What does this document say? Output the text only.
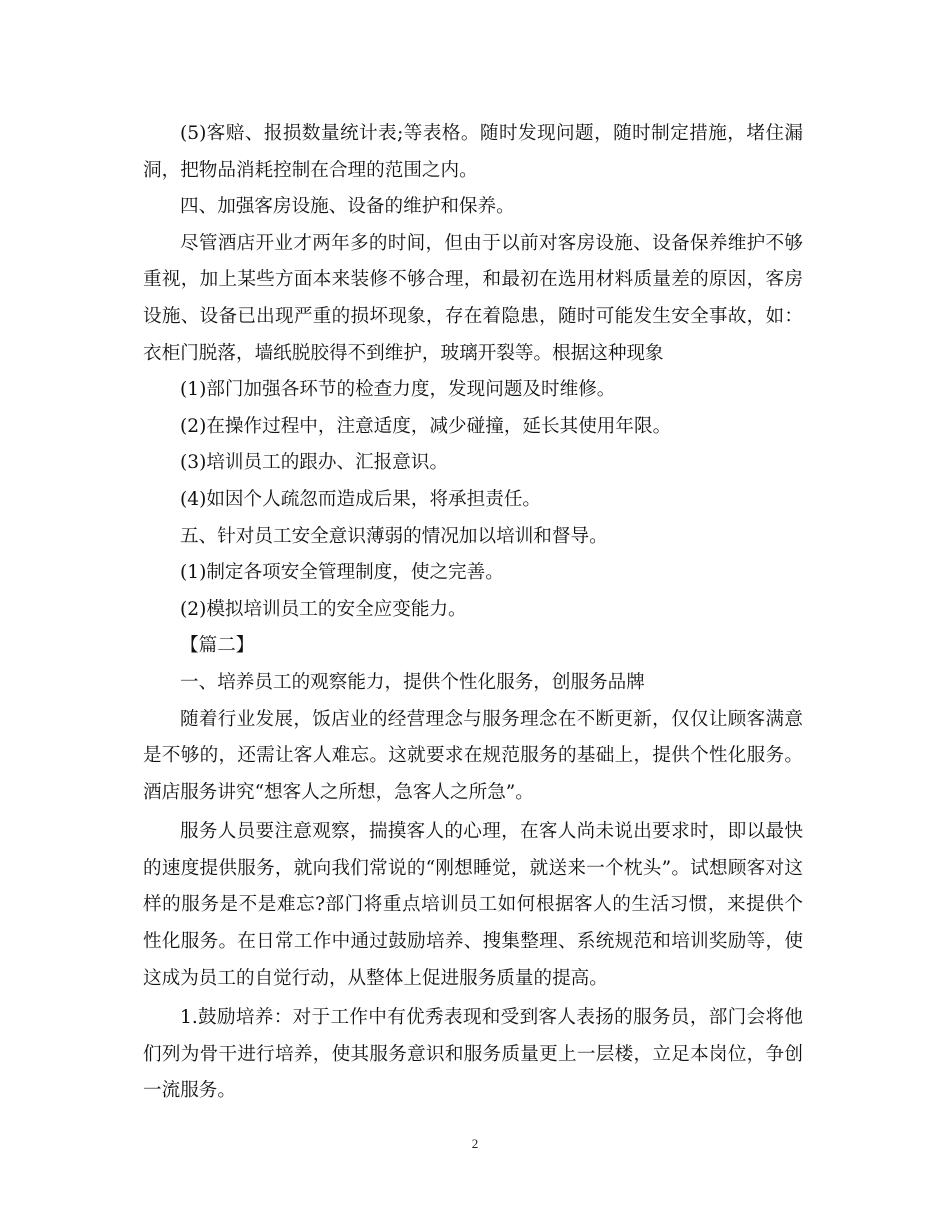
(5)客赔、报损数量统计表;等表格。随时发现问题，随时制定措施，堵住漏洞，把物品消耗控制在合理的范围之内。

四、加强客房设施、设备的维护和保养。

尽管酒店开业才两年多的时间，但由于以前对客房设施、设备保养维护不够重视，加上某些方面本来装修不够合理，和最初在选用材料质量差的原因，客房设施、设备已出现严重的损坏现象，存在着隐患，随时可能发生安全事故，如：衣柜门脱落，墙纸脱胶得不到维护，玻璃开裂等。根据这种现象

(1)部门加强各环节的检查力度，发现问题及时维修。

(2)在操作过程中，注意适度，减少碰撞，延长其使用年限。

(3)培训员工的跟办、汇报意识。

(4)如因个人疏忽而造成后果，将承担责任。

五、针对员工安全意识薄弱的情况加以培训和督导。

(1)制定各项安全管理制度，使之完善。

(2)模拟培训员工的安全应变能力。

【篇二】

一、培养员工的观察能力，提供个性化服务，创服务品牌

随着行业发展，饭店业的经营理念与服务理念在不断更新，仅仅让顾客满意是不够的，还需让客人难忘。这就要求在规范服务的基础上，提供个性化服务。酒店服务讲究“想客人之所想，急客人之所急”。

服务人员要注意观察，揣摸客人的心理，在客人尚未说出要求时，即以最快的速度提供服务，就向我们常说的“刚想睡觉，就送来一个枕头”。试想顾客对这样的服务是不是难忘?部门将重点培训员工如何根据客人的生活习惯，来提供个性化服务。在日常工作中通过鼓励培养、搜集整理、系统规范和培训奖励等，使这成为员工的自觉行动，从整体上促进服务质量的提高。

1.鼓励培养：对于工作中有优秀表现和受到客人表扬的服务员，部门会将他们列为骨干进行培养，使其服务意识和服务质量更上一层楼，立足本岗位，争创一流服务。

2
